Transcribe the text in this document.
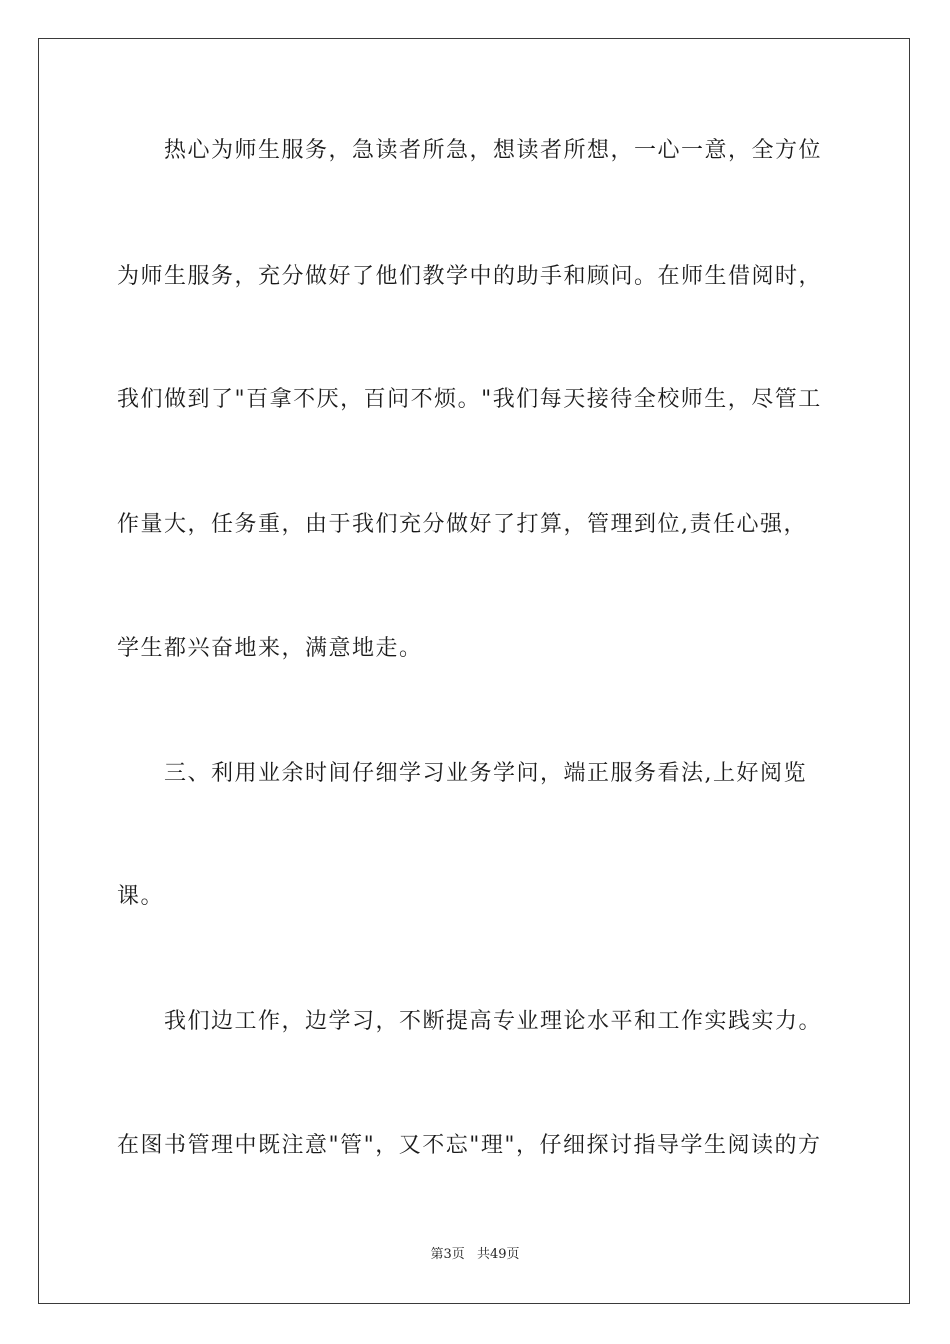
热心为师生服务，急读者所急，想读者所想，一心一意，全方位
为师生服务，充分做好了他们教学中的助手和顾问。在师生借阅时，
我们做到了"百拿不厌，百问不烦。"我们每天接待全校师生，尽管工
作量大，任务重，由于我们充分做好了打算，管理到位,责任心强，
学生都兴奋地来，满意地走。
三、利用业余时间仔细学习业务学问，端正服务看法,上好阅览
课。
我们边工作，边学习，不断提高专业理论水平和工作实践实力。
在图书管理中既注意"管"，又不忘"理"，仔细探讨指导学生阅读的方
第3页 共49页
